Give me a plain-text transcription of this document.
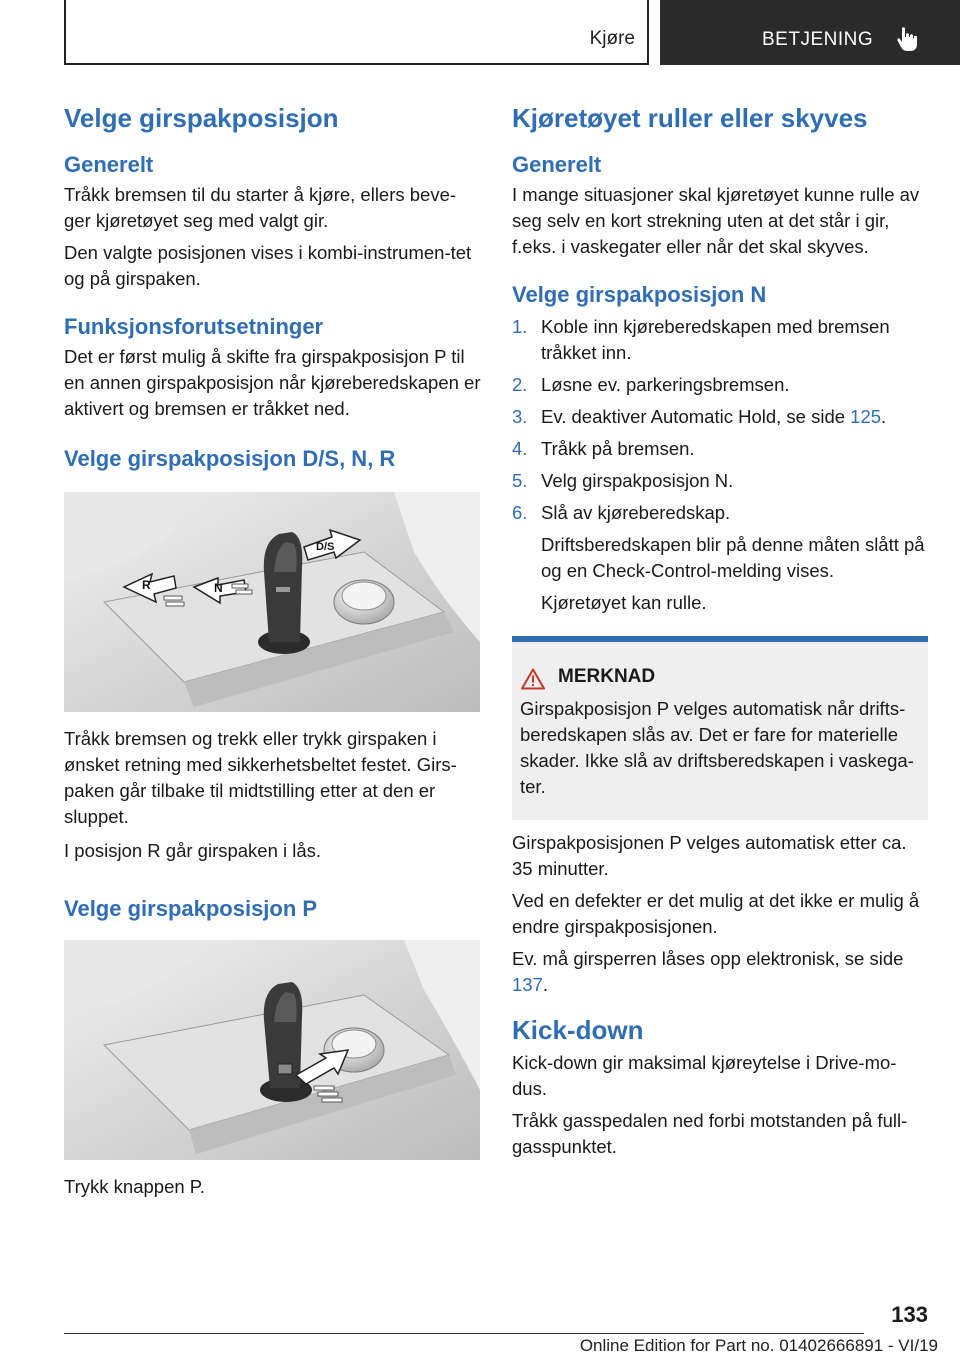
Kjøre	BETJENING
Velge girspakposisjon
Generelt

Tråkk bremsen til du starter å kjøre, ellers beve-ger kjøretøyet seg med valgt gir.

Den valgte posisjonen vises i kombi-instrumen-tet og på girspaken.

Funksjonsforutsetninger

Det er først mulig å skifte fra girspakposisjon P til en annen girspakposisjon når kjøreberedskapen er aktivert og bremsen er tråkket ned.

Velge girspakposisjon D/S, N, R
R	N
D/S

Tråkk bremsen og trekk eller trykk girspaken i ønsket retning med sikkerhetsbeltet festet. Girs-paken går tilbake til midtstilling etter at den er sluppet.

I posisjon R går girspaken i lås.

Velge girspakposisjon P

Trykk knappen P.

Kjøretøyet ruller eller skyves
Generelt

I mange situasjoner skal kjøretøyet kunne rulle av seg selv en kort strekning uten at det står i gir, f.eks. i vaskegater eller når det skal skyves.

Velge girspakposisjon N
1. Koble inn kjøreberedskapen med bremsen tråkket inn.
2. Løsne ev. parkeringsbremsen.
3. Ev. deaktiver Automatic Hold, se side 125.
4. Tråkk på bremsen.
5. Velg girspakposisjon N.
6. Slå av kjøreberedskap.

Driftsberedskapen blir på denne måten slått på og en Check-Control-melding vises.

Kjøretøyet kan rulle.

MERKNAD

Girspakposisjon P velges automatisk når drifts-beredskapen slås av. Det er fare for materielle skader. Ikke slå av driftsberedskapen i vaskega-ter.

Girspakposisjonen P velges automatisk etter ca. 35 minutter.

Ved en defekter er det mulig at det ikke er mulig å endre girspakposisjonen.

Ev. må girsperren låses opp elektronisk, se side 137.

Kick-down

Kick-down gir maksimal kjøreytelse i Drive-mo-dus.

Tråkk gasspedalen ned forbi motstanden på full-gasspunktet.

133
Online Edition for Part no. 01402666891 - VI/19
